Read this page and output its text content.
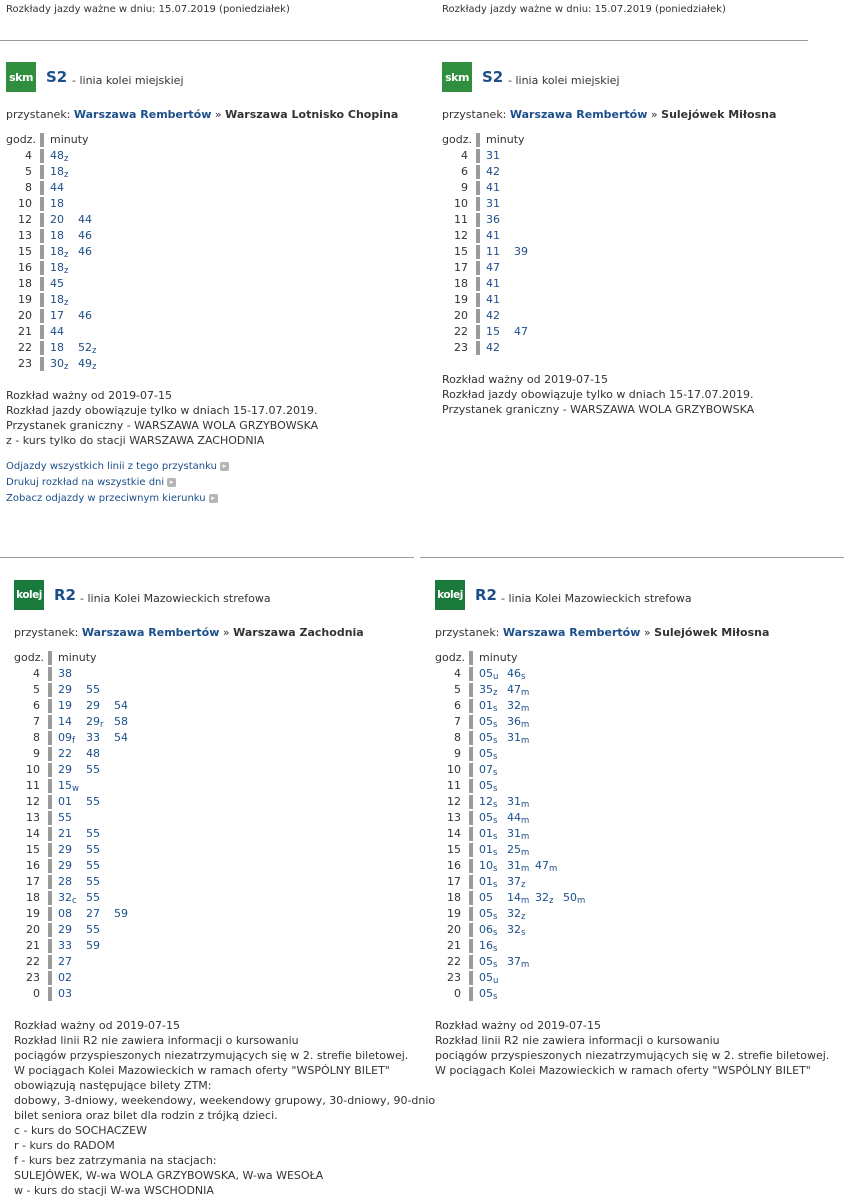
Rozkłady jazdy ważne w dniu: 15.07.2019 (poniedziałek)	Rozkłady jazdy ważne w dniu: 15.07.2019 (poniedziałek)
skm S2 - linia kolei miejskiej
przystanek: Warszawa Rembertów » Warszawa Lotnisko Chopina
godz. minuty
4 $48_z$
5 $18_z$
8 44
10 18
12 20 44
13 18 46
15 $18_z$ 46
16 $18_z$
18 45
19 $18_z$
20 17 46
21 44
22 18 $52_z$
23 $30_z$ $49_z$
Rozkład ważny od 2019-07-15
Rozkład jazdy obowiązuje tylko w dniach 15-17.07.2019.
Przystanek graniczny - WARSZAWA WOLA GRZYBOWSKA
z - kurs tylko do stacji WARSZAWA ZACHODNIA
Odjazdy wszystkich linii z tego przystanku ▸
Drukuj rozkład na wszystkie dni ▸
Zobacz odjazdy w przeciwnym kierunku ▸
skm S2 - linia kolei miejskiej
przystanek: Warszawa Rembertów » Sulejówek Miłosna
godz. minuty
4 31
6 42
9 41
10 31
11 36
12 41
15 11 39
17 47
18 41
19 41
20 42
22 15 47
23 42
Rozkład ważny od 2019-07-15
Rozkład jazdy obowiązuje tylko w dniach 15-17.07.2019.
Przystanek graniczny - WARSZAWA WOLA GRZYBOWSKA
kolej R2 - linia Kolei Mazowieckich strefowa
przystanek: Warszawa Rembertów » Warszawa Zachodnia
godz. minuty
4 38
5 29 55
6 19 29 54
7 14 $29_r$ 58
8 $09_f$ 33 54
9 22 48
10 29 55
11 $15_w$
12 01 55
13 55
14 21 55
15 29 55
16 29 55
17 28 55
18 $32_c$ 55
19 08 27 59
20 29 55
21 33 59
22 27
23 02
0 03
Rozkład ważny od 2019-07-15
Rozkład linii R2 nie zawiera informacji o kursowaniu
pociągów przyspieszonych niezatrzymujących się w 2. strefie biletowej.
W pociągach Kolei Mazowieckich w ramach oferty "WSPÓLNY BILET"
obowiązują następujące bilety ZTM:
dobowy, 3-dniowy, weekendowy, weekendowy grupowy, 30-dniowy, 90-dnio
bilet seniora oraz bilet dla rodzin z trójką dzieci.
c - kurs do SOCHACZEW
r - kurs do RADOM
f - kurs bez zatrzymania na stacjach:
SULEJÓWEK, W-wa WOLA GRZYBOWSKA, W-wa WESOŁA
w - kurs do stacji W-wa WSCHODNIA
kolej R2 - linia Kolei Mazowieckich strefowa
przystanek: Warszawa Rembertów » Sulejówek Miłosna
godz. minuty
4 $05_u$ $46_s$
5 $35_z$ $47_m$
6 $01_s$ $32_m$
7 $05_s$ $36_m$
8 $05_s$ $31_m$
9 $05_s$
10 $07_s$
11 $05_s$
12 $12_s$ $31_m$
13 $05_s$ $44_m$
14 $01_s$ $31_m$
15 $01_s$ $25_m$
16 $10_s$ $31_m$ $47_m$
17 $01_s$ $37_z$
18 05 $14_m$ $32_z$ $50_m$
19 $05_s$ $32_z$
20 $06_s$ $32_s$
21 $16_s$
22 $05_s$ $37_m$
23 $05_u$
0 $05_s$
Rozkład ważny od 2019-07-15
Rozkład linii R2 nie zawiera informacji o kursowaniu
pociągów przyspieszonych niezatrzymujących się w 2. strefie biletowej.
W pociągach Kolei Mazowieckich w ramach oferty "WSPÓLNY BILET"
